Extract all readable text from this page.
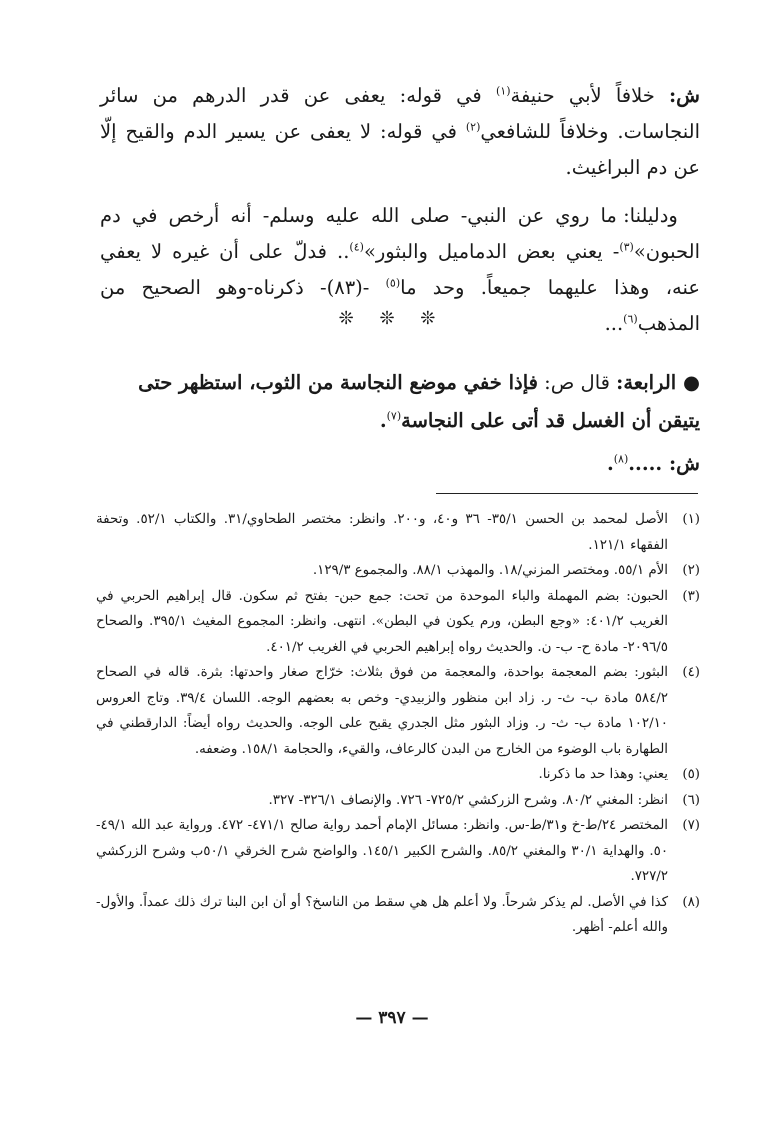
ش: خلافاً لأبي حنيفة$^{(١)}$ في قوله: يعفى عن قدر الدرهم من سائر النجاسات. وخلافاً للشافعي$^{(٢)}$ في قوله: لا يعفى عن يسير الدم والقيح إلّا عن دم البراغيث.

ودليلنا: ما روي عن النبي- صلى الله عليه وسلم- أنه أرخص في دم الحبون»$^{(٣)}$- يعني بعض الدماميل والبثور»$^{(٤)}$.. فدلّ على أن غيره لا يعفي عنه، وهذا عليهما جميعاً. وحد ما$^{(٥)}$ -(٨٣)- ذكرناه-وهو الصحيح من المذهب$^{(٦)}$...

❊ ❊ ❊
● الرابعة: قال ص: فإذا خفي موضع النجاسة من الثوب، استظهر حتى يتيقن أن الغسل قد أتى على النجاسة$^{(٧)}$.
ش: .....$^{(٨)}$.
(١)
الأصل لمحمد بن الحسن ٣٥/١- ٣٦ و٤٠، و٢٠٠. وانظر: مختصر الطحاوي/٣١. والكتاب ٥٢/١. وتحفة الفقهاء ١٢١/١.
(٢)
الأم ٥٥/١. ومختصر المزني/١٨. والمهذب ٨٨/١. والمجموع ١٢٩/٣.
(٣)
الحبون: بضم المهملة والباء الموحدة من تحت: جمع حبن- بفتح ثم سكون. قال إبراهيم الحربي في الغريب ٤٠١/٢: «وجع البطن، ورم يكون في البطن». انتهى. وانظر: المجموع المغيث ٣٩٥/١. والصحاح ٢٠٩٦/٥- مادة ح- ب- ن. والحديث رواه إبراهيم الحربي في الغريب ٤٠١/٢.
(٤)
البثور: بضم المعجمة بواحدة، والمعجمة من فوق بثلاث: خرّاج صغار واحدتها: بثرة. قاله في الصحاح ٥٨٤/٢ مادة ب- ث- ر. زاد ابن منظور والزبيدي- وخص به بعضهم الوجه. اللسان ٣٩/٤. وتاج العروس ١٠٢/١٠ مادة ب- ث- ر. وزاد البثور مثل الجدري يقبح على الوجه. والحديث رواه أيضاً: الدارقطني في الطهارة باب الوضوء من الخارج من البدن كالرعاف، والقيء، والحجامة ١٥٨/١. وضعفه.
(٥)
يعني: وهذا حد ما ذكرنا.
(٦)
انظر: المغني ٨٠/٢. وشرح الزركشي ٧٢٥/٢- ٧٢٦. والإنصاف ٣٢٦/١- ٣٢٧.
(٧)
المختصر ٢٤/ط-خ و٣١/ط-س. وانظر: مسائل الإمام أحمد رواية صالح ٤٧١/١- ٤٧٢. ورواية عبد الله ٤٩/١- ٥٠. والهداية ٣٠/١ والمغني ٨٥/٢. والشرح الكبير ١٤٥/١. والواضح شرح الخرقي ٥٠/١ب وشرح الزركشي ٧٢٧/٢.
(٨)
كذا في الأصل. لم يذكر شرحاً. ولا أعلم هل هي سقط من الناسخ؟ أو أن ابن البنا ترك ذلك عمداً. والأول- والله أعلم- أظهر.
— ٣٩٧ —
